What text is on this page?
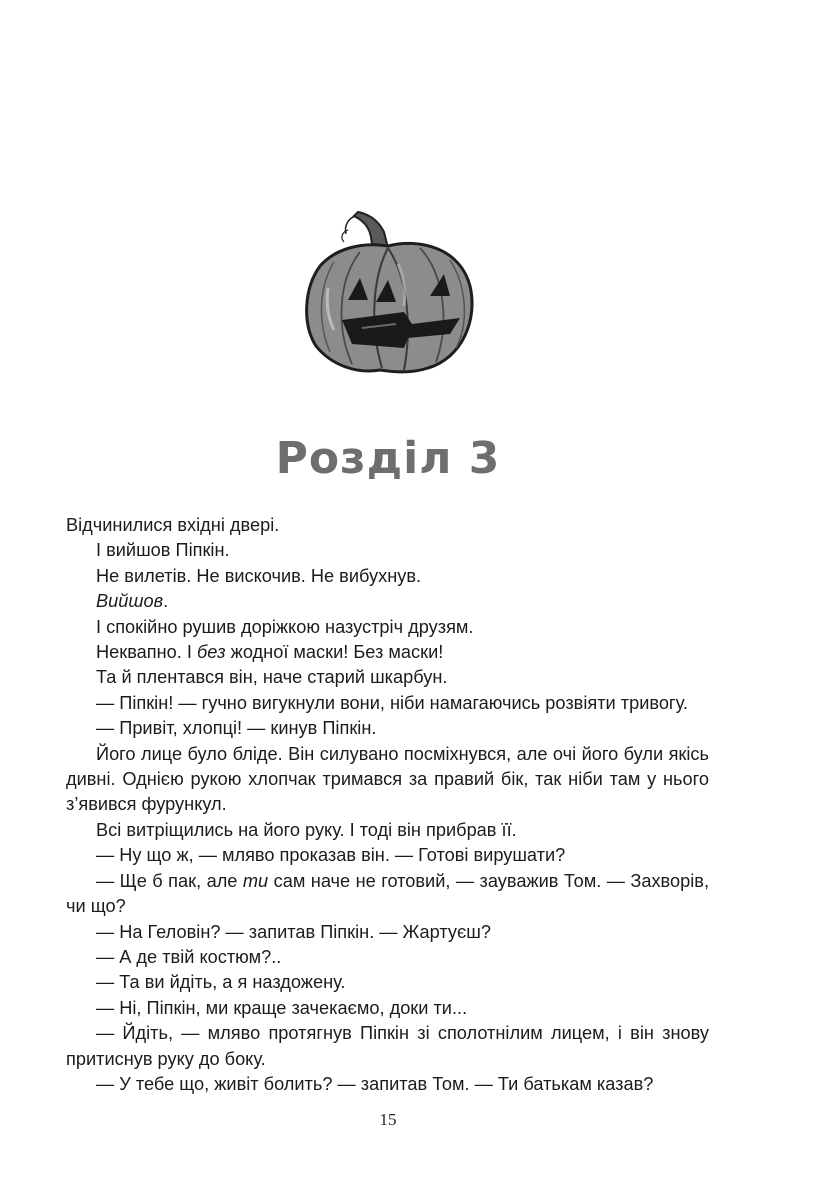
Розділ 3

Відчинилися вхідні двері.

І вийшов Піпкін.

Не вилетів. Не вискочив. Не вибухнув.

Вийшов.

І спокійно рушив доріжкою назустріч друзям.

Неквапно. І без жодної маски! Без маски!

Та й плентався він, наче старий шкарбун.

— Піпкін! — гучно вигукнули вони, ніби намагаючись розвіяти тривогу.

— Привіт, хлопці! — кинув Піпкін.

Його лице було бліде. Він силувано посміхнувся, але очі його були якісь дивні. Однією рукою хлопчак тримався за правий бік, так ніби там у нього з’явився фурункул.

Всі витріщились на його руку. І тоді він прибрав її.

— Ну що ж, — мляво проказав він. — Готові вирушати?

— Ще б пак, але ти сам наче не готовий, — зауважив Том. — Захворів, чи що?

— На Геловін? — запитав Піпкін. — Жартуєш?

— А де твій костюм?..

— Та ви йдіть, а я наздожену.

— Ні, Піпкін, ми краще зачекаємо, доки ти...

— Йдіть, — мляво протягнув Піпкін зі сполотнілим лицем, і він знову притиснув руку до боку.

— У тебе що, живіт болить? — запитав Том. — Ти батькам казав?

15
